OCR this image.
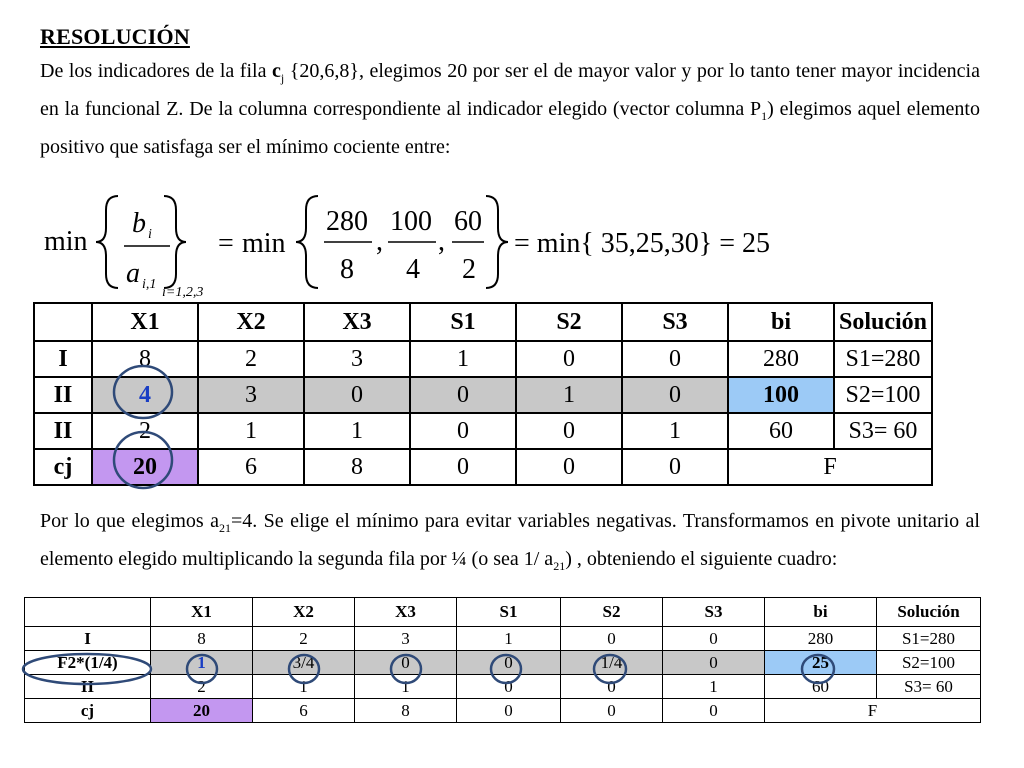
RESOLUCIÓN
De los indicadores de la fila $c_j$ {20,6,8}, elegimos 20 por ser el de mayor valor y por lo tanto tener mayor incidencia en la funcional Z. De la columna correspondiente al indicador elegido (vector columna $P_1$) elegimos aquel elemento positivo que satisfaga ser el mínimo cociente entre:
min
b i
a i,1
i=1,2,3
= min
280
8
,
100
4
,
60
2
= min{ 35,25,30} = 25
	X1	X2	X3	S1	S2	S3	bi	Solución
I	8	2	3	1	0	0	280	S1=280
II	4	3	0	0	1	0	100	S2=100
II	2	1	1	0	0	1	60	S3= 60
cj	20	6	8	0	0	0	F	
Por lo que elegimos $a_{21}=4$. Se elige el mínimo para evitar variables negativas. Transformamos en pivote unitario al elemento elegido multiplicando la segunda fila por ¼ (o sea 1/ $a_{21}$) , obteniendo el siguiente cuadro:
	X1	X2	X3	S1	S2	S3	bi	Solución
I	8	2	3	1	0	0	280	S1=280
F2*(1/4)	1	3/4	0	0	1/4	0	25	S2=100
II	2	1	1	0	0	1	60	S3= 60
cj	20	6	8	0	0	0	F	
